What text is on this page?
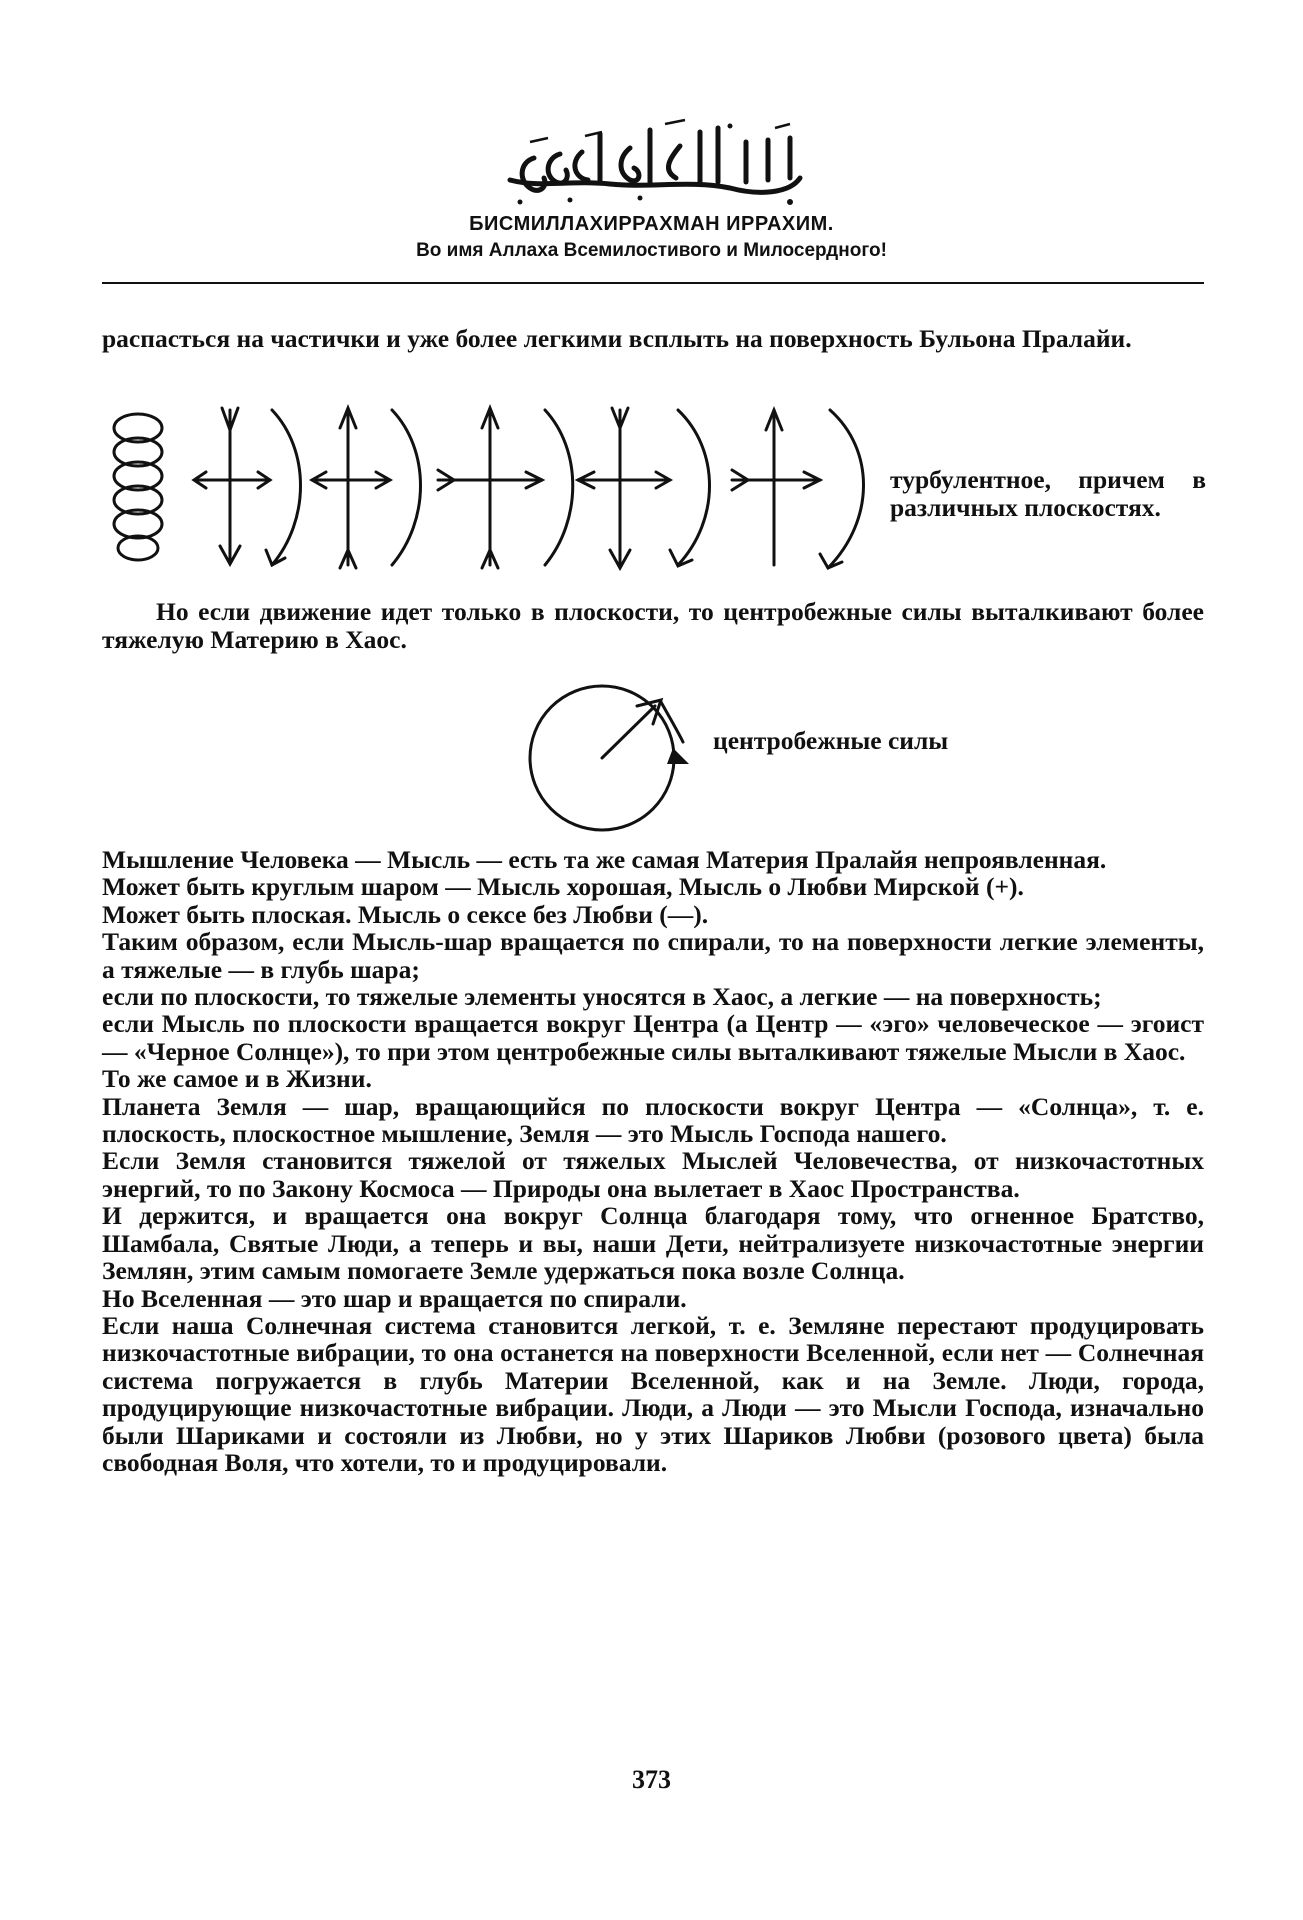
БИСМИЛЛАХИРРАХМАН ИРРАХИМ.
Во имя Аллаха Всемилостивого и Милосердного!

распасться на частички и уже более легкими всплыть на поверхность Бульона Пралайи.

турбулентное, причем в различных плоскостях.

Но если движение идет только в плоскости, то центробежные силы выталкивают более тяжелую Материю в Хаос.

центробежные силы

Мышление Человека — Мысль — есть та же самая Материя Пралайя непроявленная.

Может быть круглым шаром — Мысль хорошая, Мысль о Любви Мирской (+).

Может быть плоская. Мысль о сексе без Любви (—).

Таким образом, если Мысль-шар вращается по спирали, то на поверхности легкие элементы, а тяжелые — в глубь шара;

если по плоскости, то тяжелые элементы уносятся в Хаос, а легкие — на поверхность;

если Мысль по плоскости вращается вокруг Центра (а Центр — «эго» человеческое — эгоист — «Черное Солнце»), то при этом центробежные силы выталкивают тяжелые Мысли в Хаос.

То же самое и в Жизни.

Планета Земля — шар, вращающийся по плоскости вокруг Центра — «Солнца», т. е. плоскость, плоскостное мышление, Земля — это Мысль Господа нашего.

Если Земля становится тяжелой от тяжелых Мыслей Человечества, от низкочастотных энергий, то по Закону Космоса — Природы она вылетает в Хаос Пространства.

И держится, и вращается она вокруг Солнца благодаря тому, что огненное Братство, Шамбала, Святые Люди, а теперь и вы, наши Дети, нейтрализуете низкочастотные энергии Землян, этим самым помогаете Земле удержаться пока возле Солнца.

Но Вселенная — это шар и вращается по спирали.

Если наша Солнечная система становится легкой, т. е. Земляне перестают продуцировать низкочастотные вибрации, то она останется на поверхности Вселенной, если нет — Солнечная система погружается в глубь Материи Вселенной, как и на Земле. Люди, города, продуцирующие низкочастотные вибрации. Люди, а Люди — это Мысли Господа, изначально были Шариками и состояли из Любви, но у этих Шариков Любви (розового цвета) была свободная Воля, что хотели, то и продуцировали.

373
